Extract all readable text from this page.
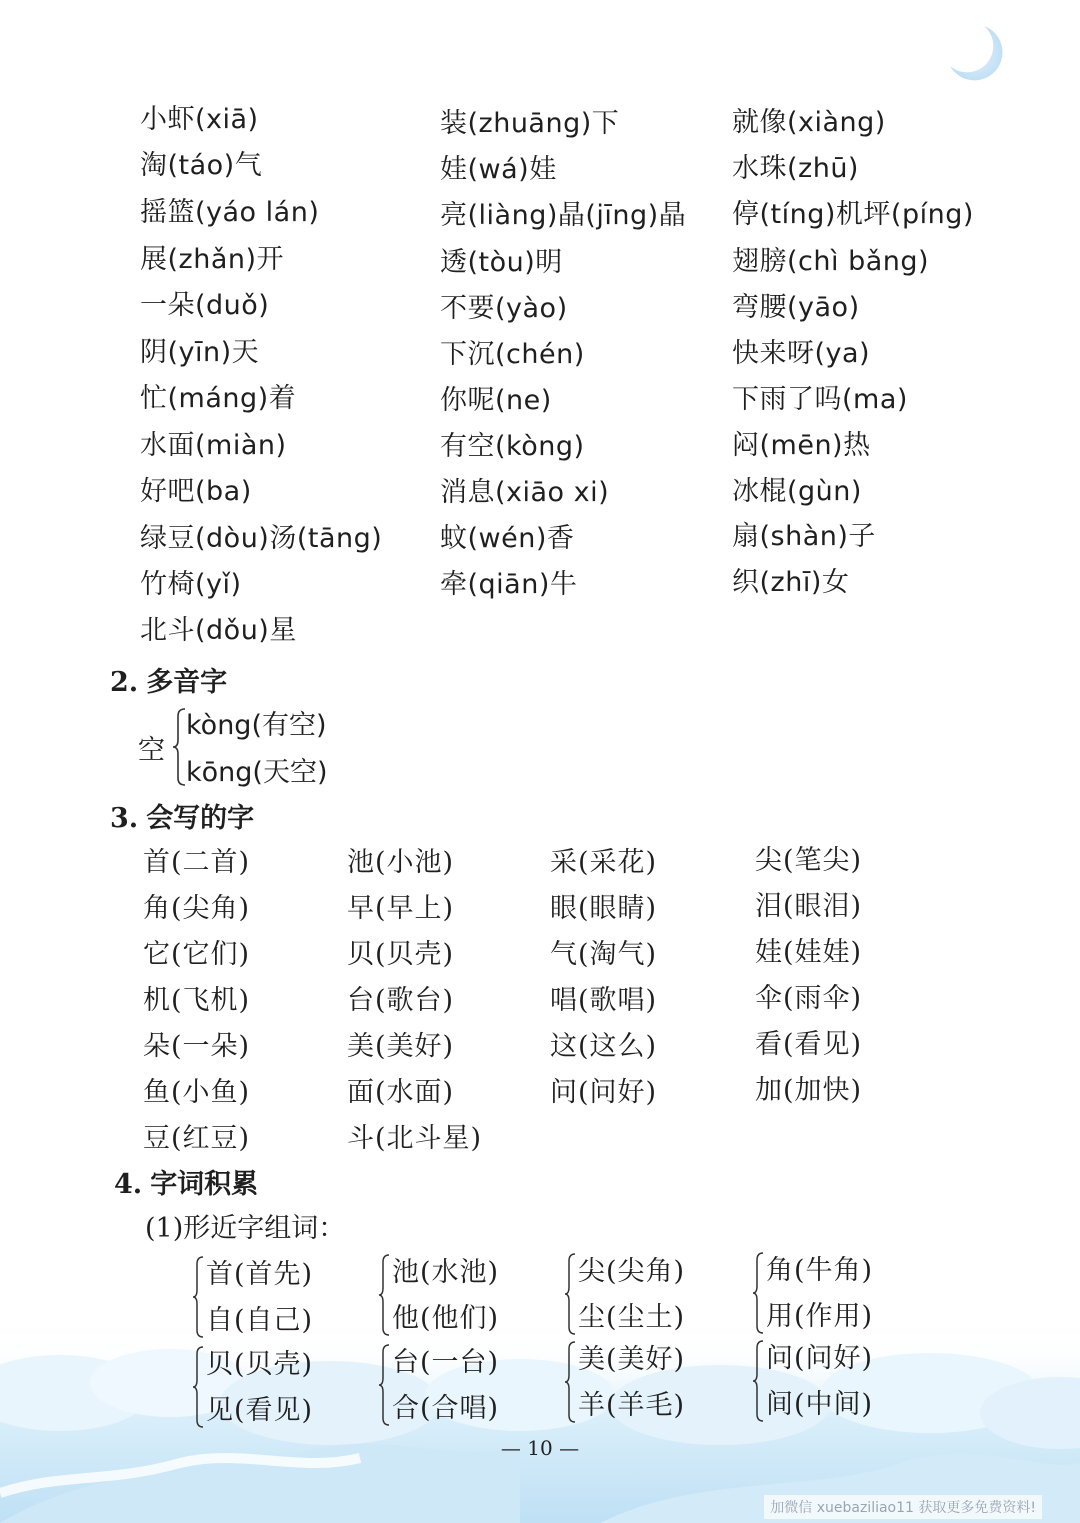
小虾(xiā)
淘(táo)气
摇篮(yáo lán)
展(zhǎn)开
一朵(duǒ)
阴(yīn)天
忙(máng)着
水面(miàn)
好吧(ba)
绿豆(dòu)汤(tāng)
竹椅(yǐ)
北斗(dǒu)星
装(zhuāng)下
娃(wá)娃
亮(liàng)晶(jīng)晶
透(tòu)明
不要(yào)
下沉(chén)
你呢(ne)
有空(kòng)
消息(xiāo xi)
蚊(wén)香
牵(qiān)牛
就像(xiàng)
水珠(zhū)
停(tíng)机坪(píng)
翅膀(chì bǎng)
弯腰(yāo)
快来呀(ya)
下雨了吗(ma)
闷(mēn)热
冰棍(gùn)
扇(shàn)子
织(zhī)女
2. 多音字
空
kòng(有空)
kōng(天空)
3. 会写的字
首(二首)
角(尖角)
它(它们)
机(飞机)
朵(一朵)
鱼(小鱼)
豆(红豆)
池(小池)
早(早上)
贝(贝壳)
台(歌台)
美(美好)
面(水面)
斗(北斗星)
采(采花)
眼(眼睛)
气(淘气)
唱(歌唱)
这(这么)
问(问好)
尖(笔尖)
泪(眼泪)
娃(娃娃)
伞(雨伞)
看(看见)
加(加快)
4. 字词积累
(1)形近字组词：
首(首先)
自(自己)
池(水池)
他(他们)
尖(尖角)
尘(尘土)
角(牛角)
用(作用)
贝(贝壳)
见(看见)
台(一台)
合(合唱)
美(美好)
羊(羊毛)
问(问好)
间(中间)
— 10 —
加微信 xuebaziliao11 获取更多免费资料!
